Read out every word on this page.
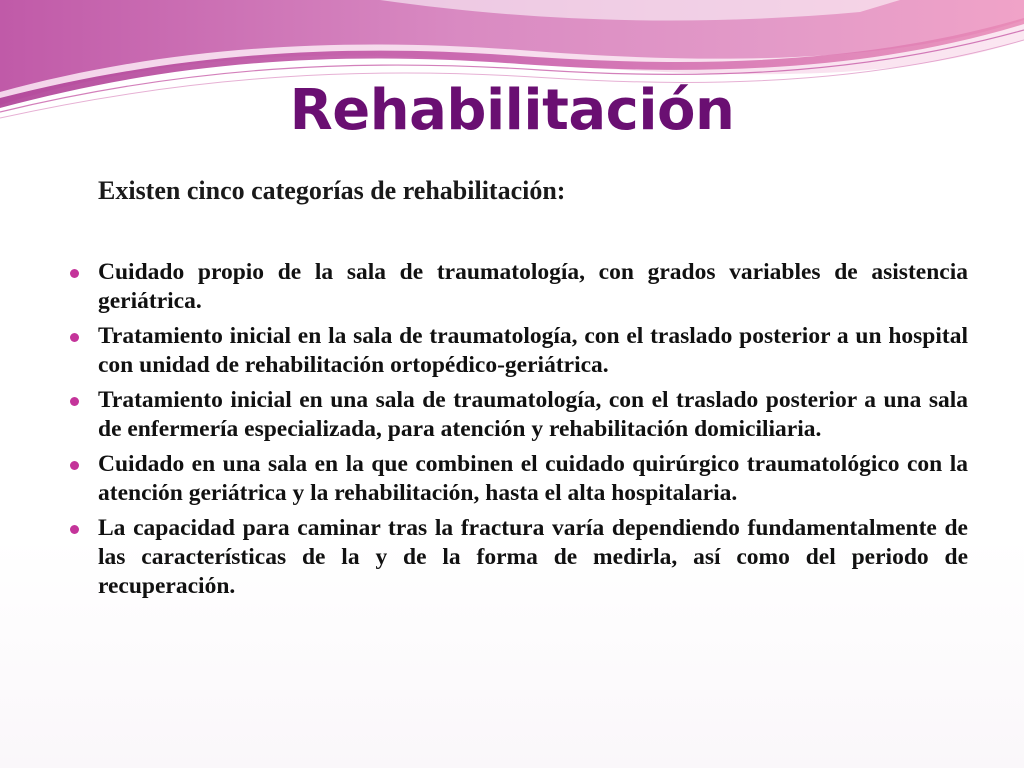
Rehabilitación

Existen cinco categorías de rehabilitación:

Cuidado propio de la sala de traumatología, con grados variables de asistencia geriátrica.
Tratamiento inicial en la sala de traumatología, con el traslado posterior a un hospital con unidad de rehabilitación ortopédico-geriátrica.
Tratamiento inicial en una sala de traumatología, con el traslado posterior a una sala de enfermería especializada, para atención y rehabilitación domiciliaria.
Cuidado en una sala en la que combinen el cuidado quirúrgico traumatológico con la atención geriátrica y la rehabilitación, hasta el alta hospitalaria.
La capacidad para caminar tras la fractura varía dependiendo fundamentalmente de las características de la y de la forma de medirla, así como del periodo de recuperación.
